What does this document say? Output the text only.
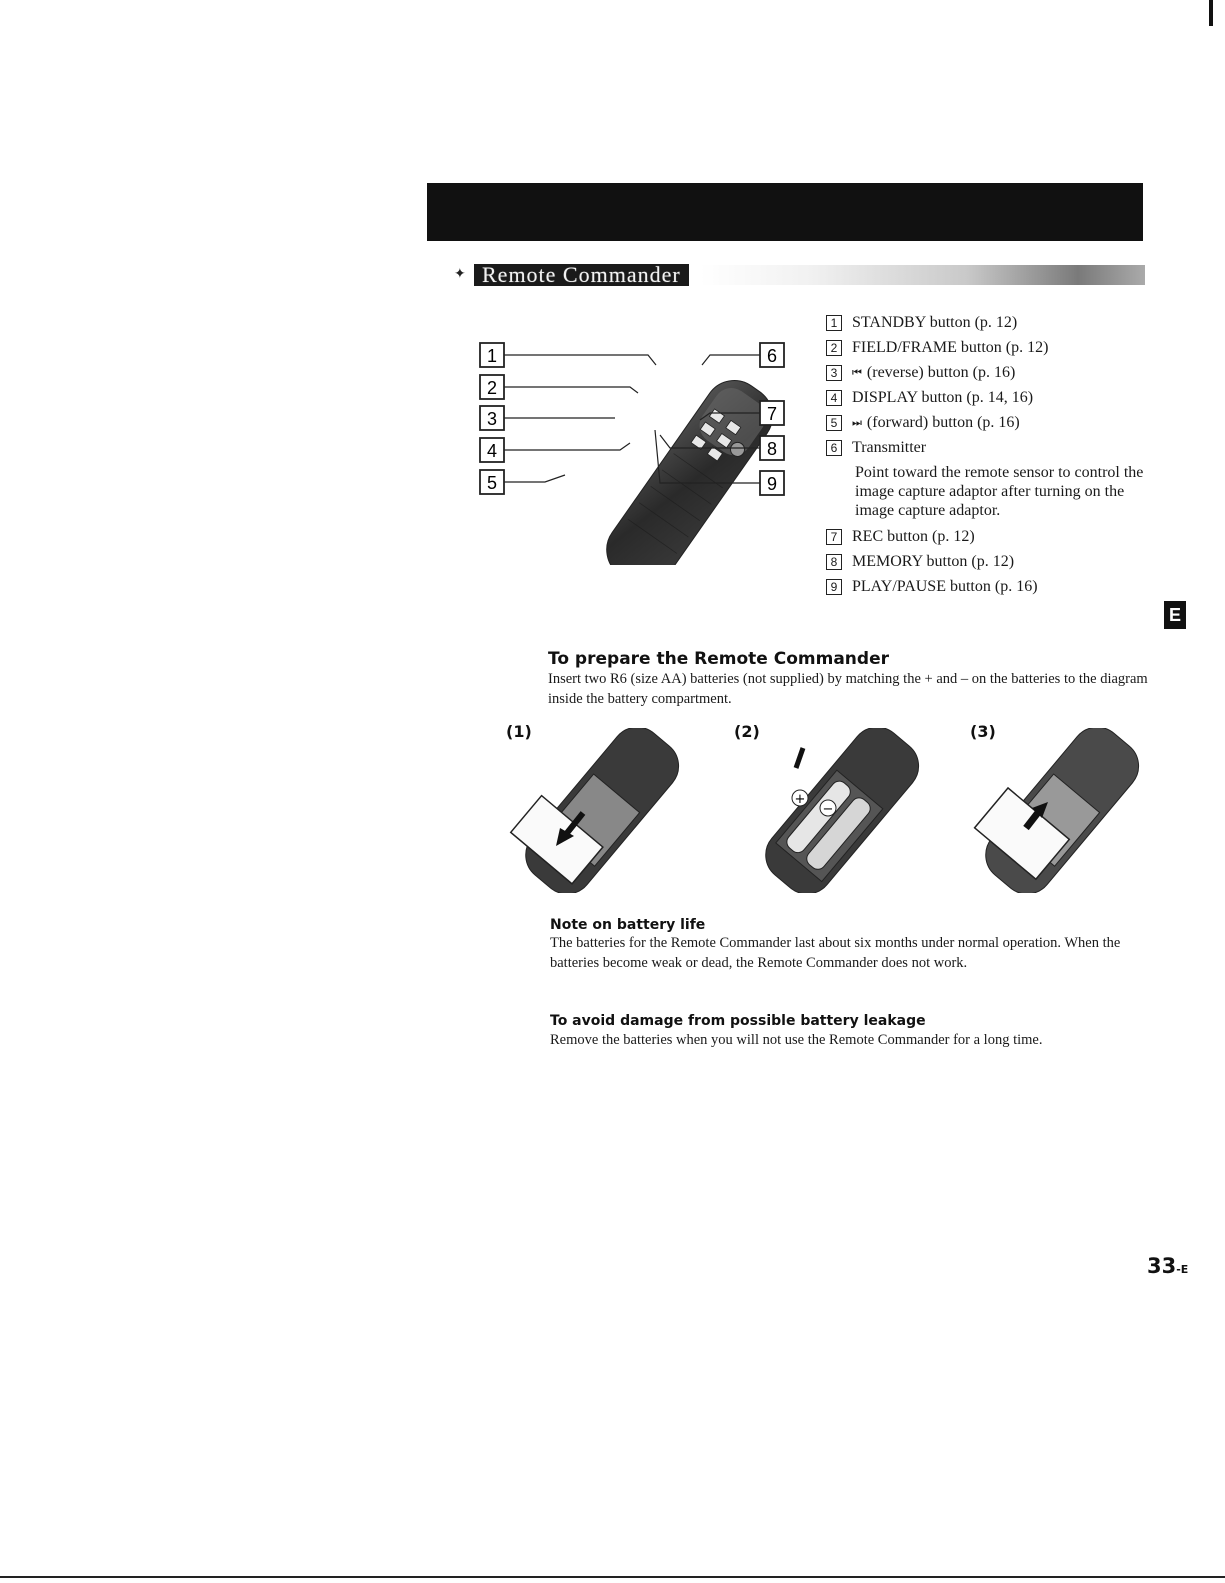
✦ Remote Commander
1
2
3
4
5
6
7
8
9
1 STANDBY button (p. 12)
2 FIELD/FRAME button (p. 12)
3	⏮ (reverse) button (p. 16)
4 DISPLAY button (p. 14, 16)
5	⏭ (forward) button (p. 16)
6 Transmitter
Point toward the remote sensor to control the image capture adaptor after turning on the image capture adaptor.
7 REC button (p. 12)
8 MEMORY button (p. 12)
9 PLAY/PAUSE button (p. 16)
E
To prepare the Remote Commander
Insert two R6 (size AA) batteries (not supplied) by matching the + and – on the batteries to the diagram inside the battery compartment.
(1)	(2)	(3)
+
−
Note on battery life
The batteries for the Remote Commander last about six months under normal operation. When the batteries become weak or dead, the Remote Commander does not work.
To avoid damage from possible battery leakage
Remove the batteries when you will not use the Remote Commander for a long time.
33-E
